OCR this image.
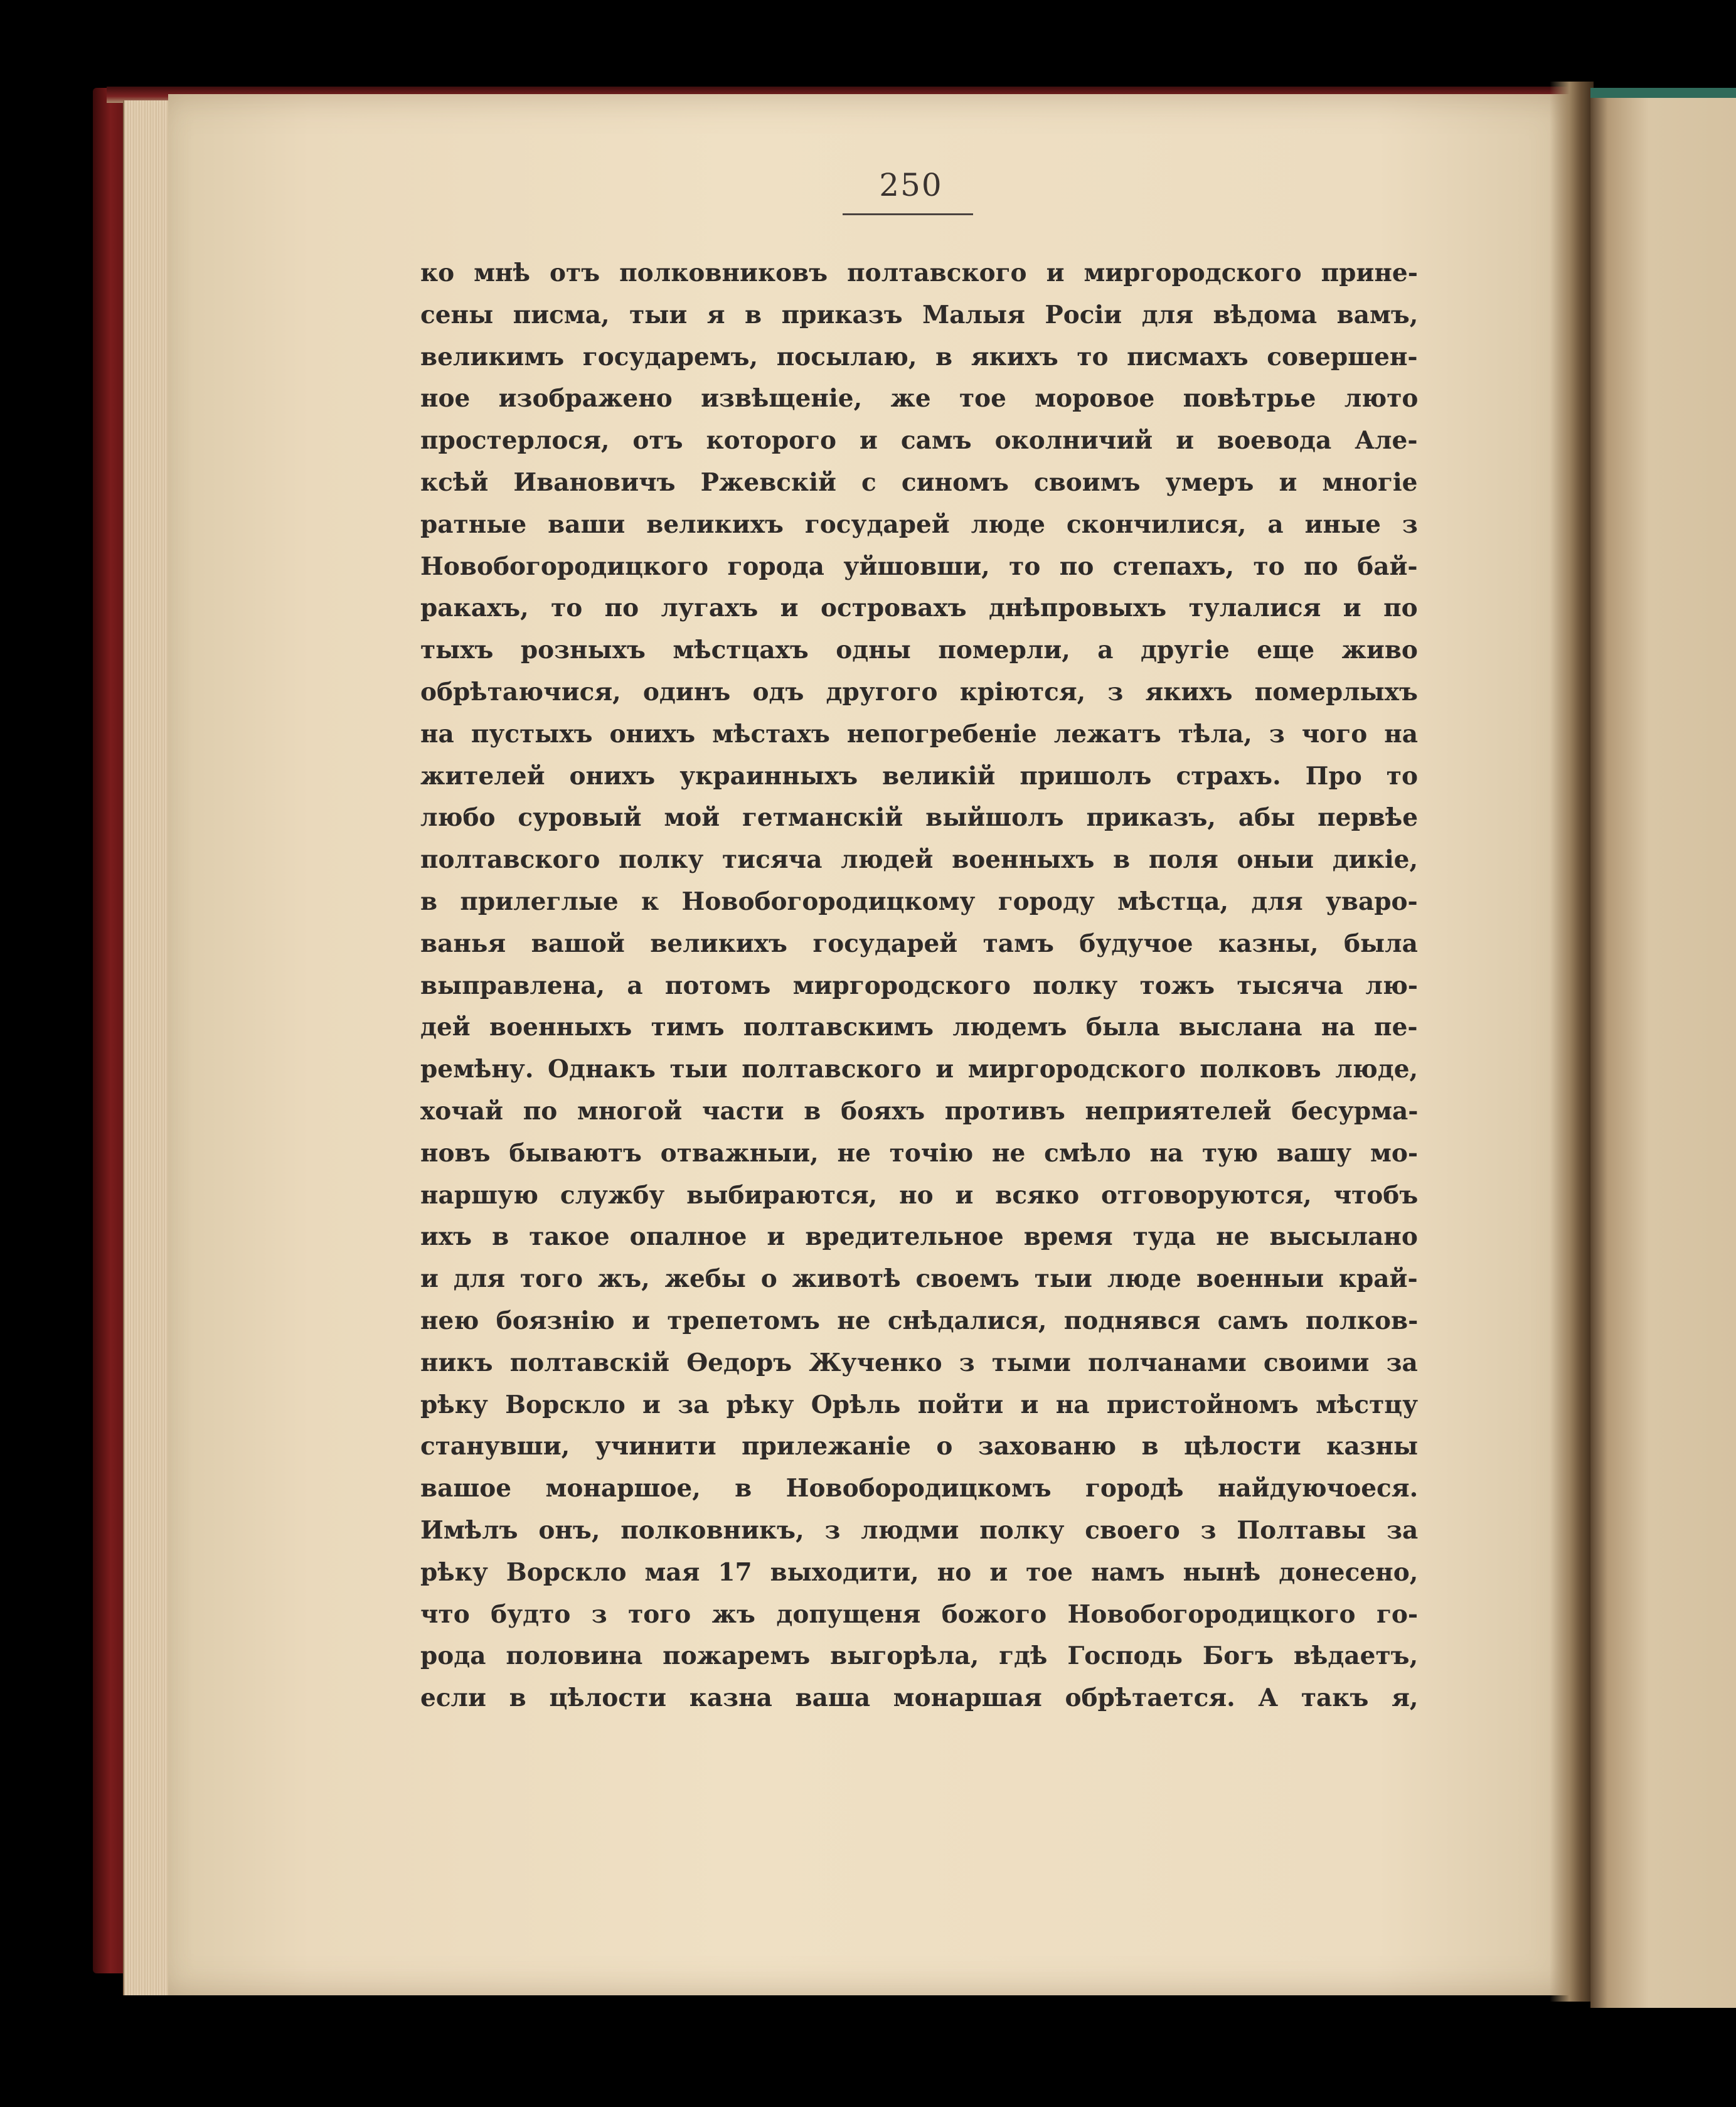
250
ко мнѣ отъ полковниковъ полтавского и миргородского прине-
сены писма, тыи я в приказъ Малыя Росіи для вѣдома вамъ,
великимъ государемъ, посылаю, в якихъ то писмахъ совершен-
ное изображено извѣщеніе, же тое моровое повѣтрье люто
простерлося, отъ которого и самъ околничий и воевода Але-
ксѣй Ивановичъ Ржевскій с синомъ своимъ умеръ и многіе
ратные ваши великихъ государей люде скончилися, а иные з
Новобогородицкого города уйшовши, то по степахъ, то по бай-
ракахъ, то по лугахъ и островахъ днѣпровыхъ тулалися и по
тыхъ розныхъ мѣстцахъ одны померли, а другіе еще живо
обрѣтаючися, одинъ одъ другого кріются, з якихъ померлыхъ
на пустыхъ онихъ мѣстахъ непогребеніе лежатъ тѣла, з чого на
жителей онихъ украинныхъ великій пришолъ страхъ. Про то
любо суровый мой гетманскій выйшолъ приказъ, абы первѣе
полтавского полку тисяча людей военныхъ в поля оныи дикіе,
в прилеглые к Новобогородицкому городу мѣстца, для уваро-
ванья вашой великихъ государей тамъ будучое казны, была
выправлена, а потомъ миргородского полку тожъ тысяча лю-
дей военныхъ тимъ полтавскимъ людемъ была выслана на пе-
ремѣну. Однакъ тыи полтавского и миргородского полковъ люде,
хочай по многой части в бояхъ противъ неприятелей бесурма-
новъ бываютъ отважныи, не точію не смѣло на тую вашу мо-
наршую службу выбираются, но и всяко отговоруются, чтобъ
ихъ в такое опалное и вредительное время туда не высылано
и для того жъ, жебы о животѣ своемъ тыи люде военныи край-
нею боязнію и трепетомъ не снѣдалися, поднявся самъ полков-
никъ полтавскій Ѳедоръ Жученко з тыми полчанами своими за
рѣку Ворскло и за рѣку Орѣль пойти и на пристойномъ мѣстцу
станувши, учинити прилежаніе о захованю в цѣлости казны
вашое монаршое, в Новобородицкомъ городѣ найдуючоеся.
Имѣлъ онъ, полковникъ, з людми полку своего з Полтавы за
рѣку Ворскло мая 17 выходити, но и тое намъ нынѣ донесено,
что будто з того жъ допущеня божого Новобогородицкого го-
рода половина пожаремъ выгорѣла, гдѣ Господь Богъ вѣдаетъ,
если в цѣлости казна ваша монаршая обрѣтается. А такъ я,
